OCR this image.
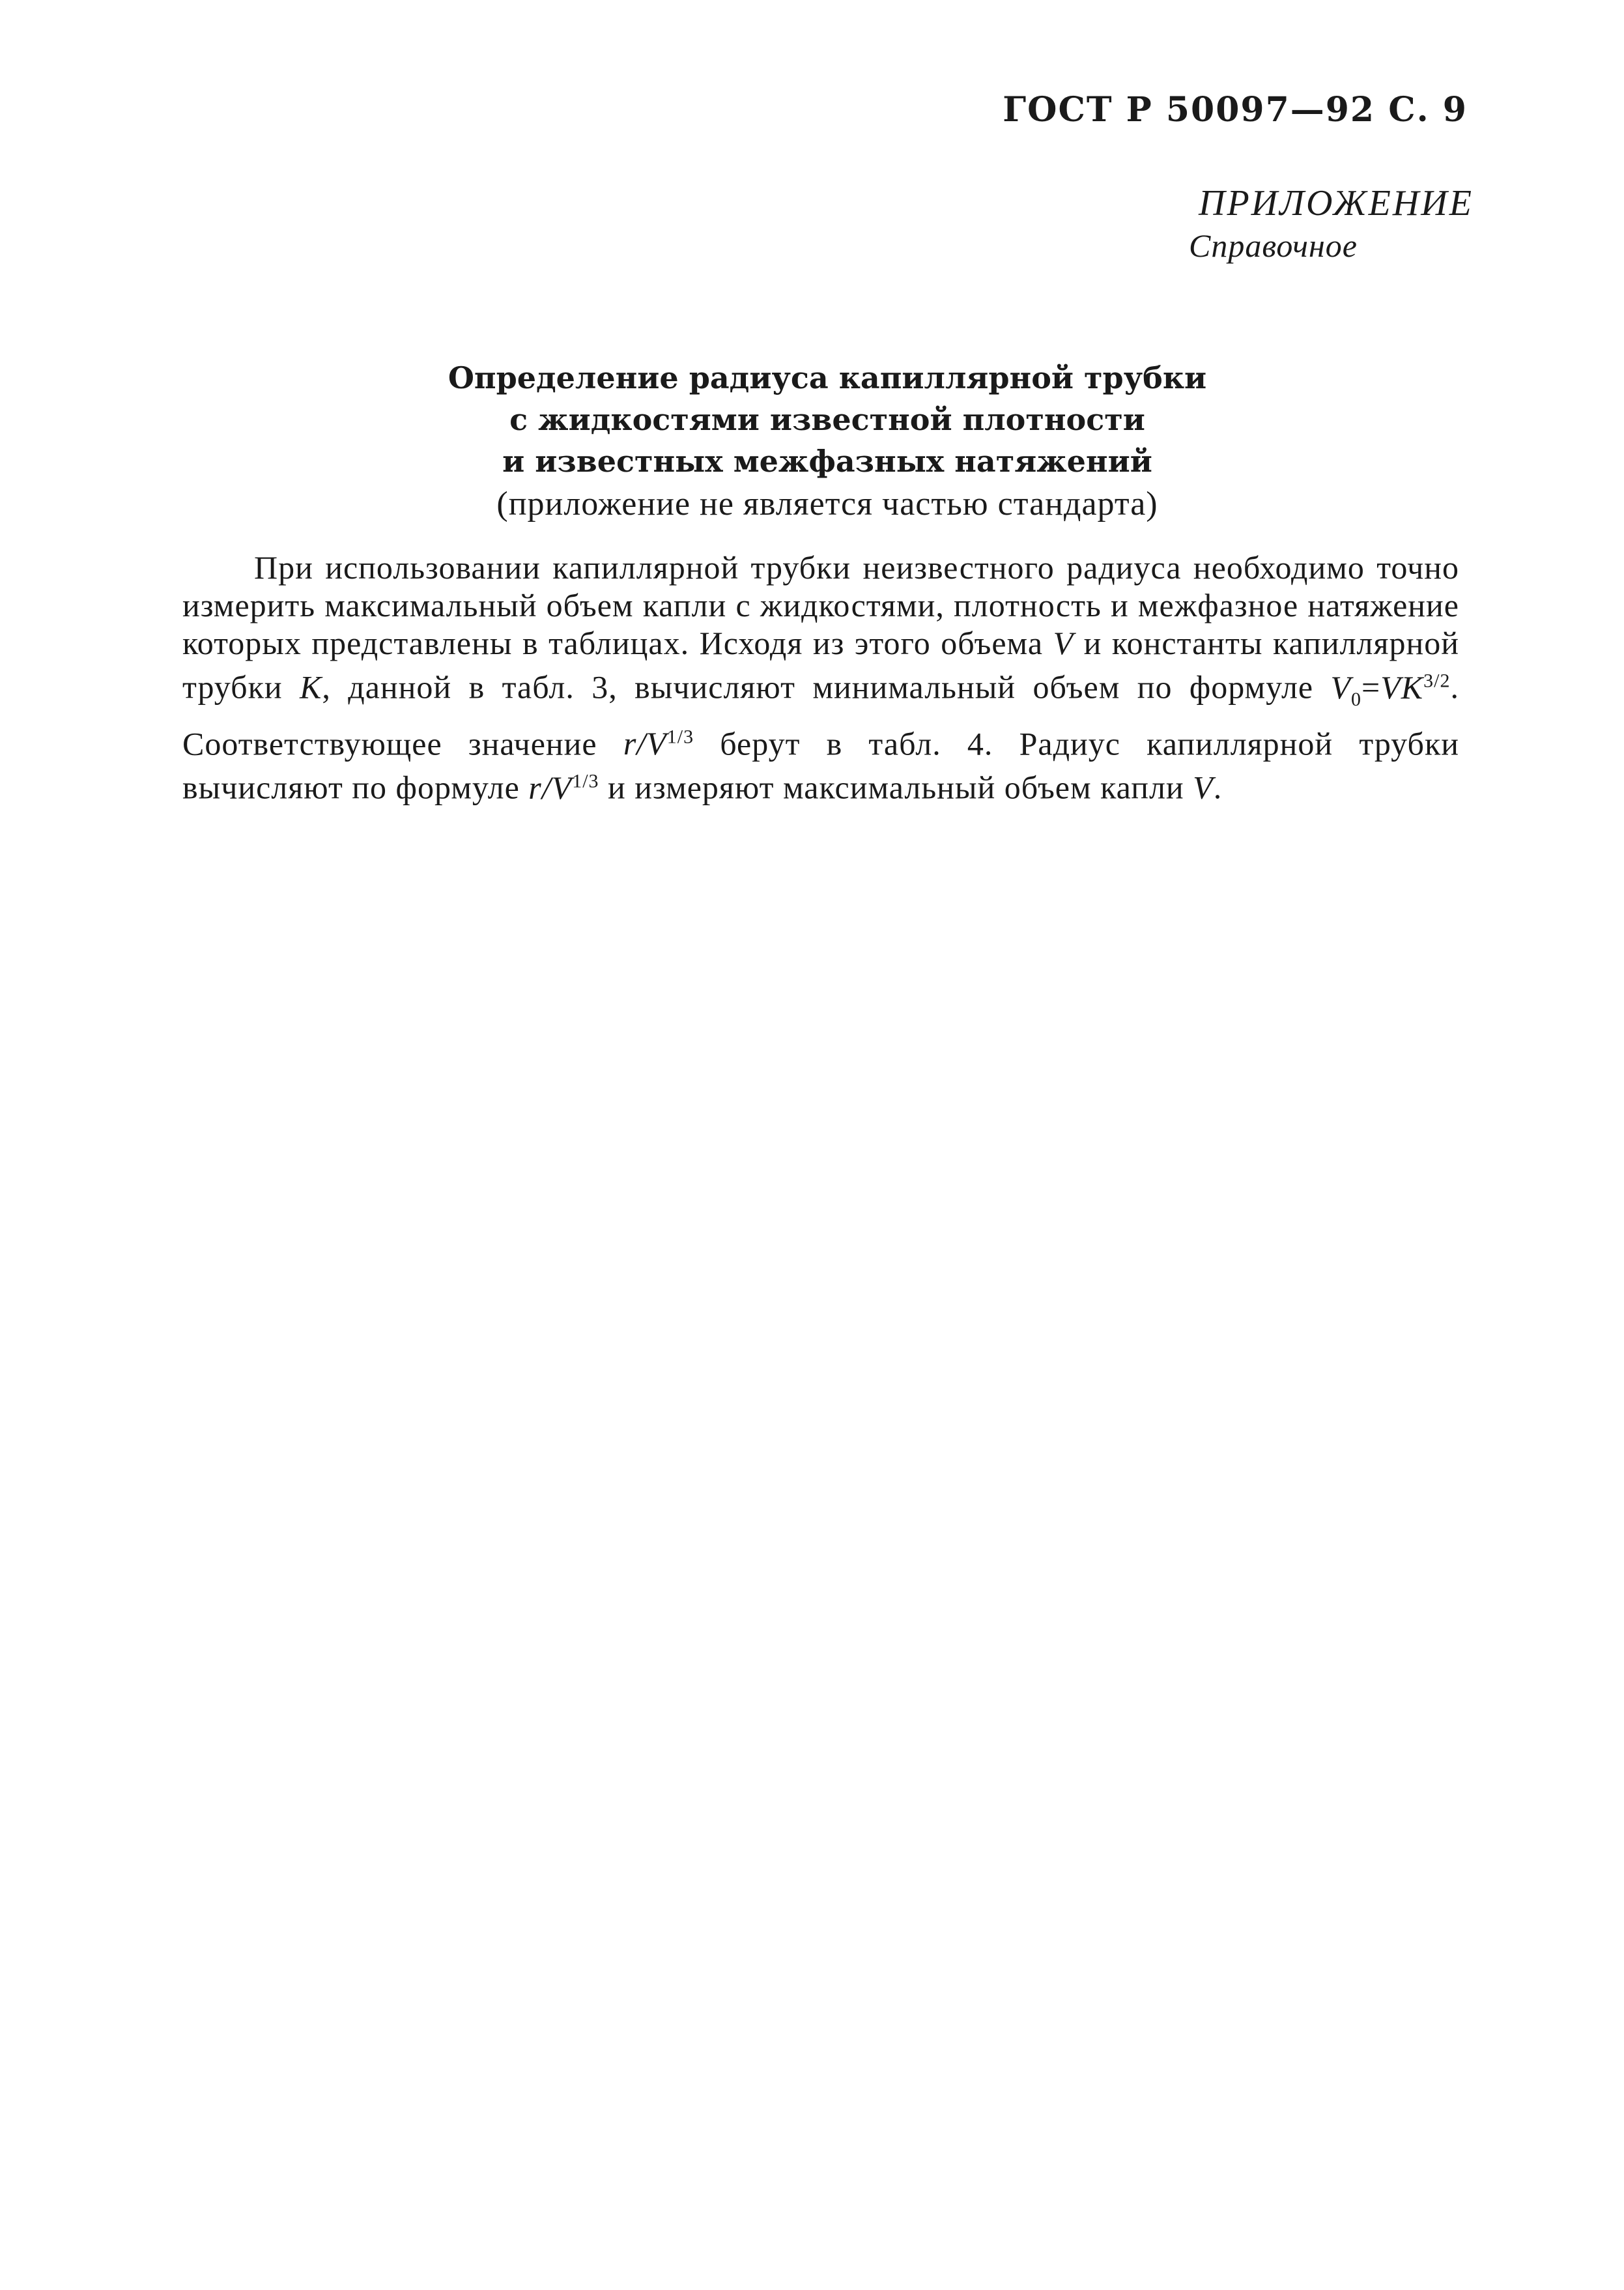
ГОСТ Р 50097—92 С. 9
ПРИЛОЖЕНИЕ
Справочное
Определение радиуса капиллярной трубки
с жидкостями известной плотности
и известных межфазных натяжений
(приложение не является частью стандарта)

При использовании капиллярной трубки неизвестного радиуса необходимо точно измерить максимальный объем капли с жидкостями, плотность и межфазное натяжение которых представлены в таблицах. Исходя из этого объема V и константы капиллярной трубки K, данной в табл. 3, вычисляют минимальный объем по формуле $V_0=VK^{3/2}$. Соответствующее значение $r/V^{1/3}$ берут в табл. 4. Радиус капиллярной трубки вычисляют по формуле $r/V^{1/3}$ и измеряют максимальный объем капли V.
